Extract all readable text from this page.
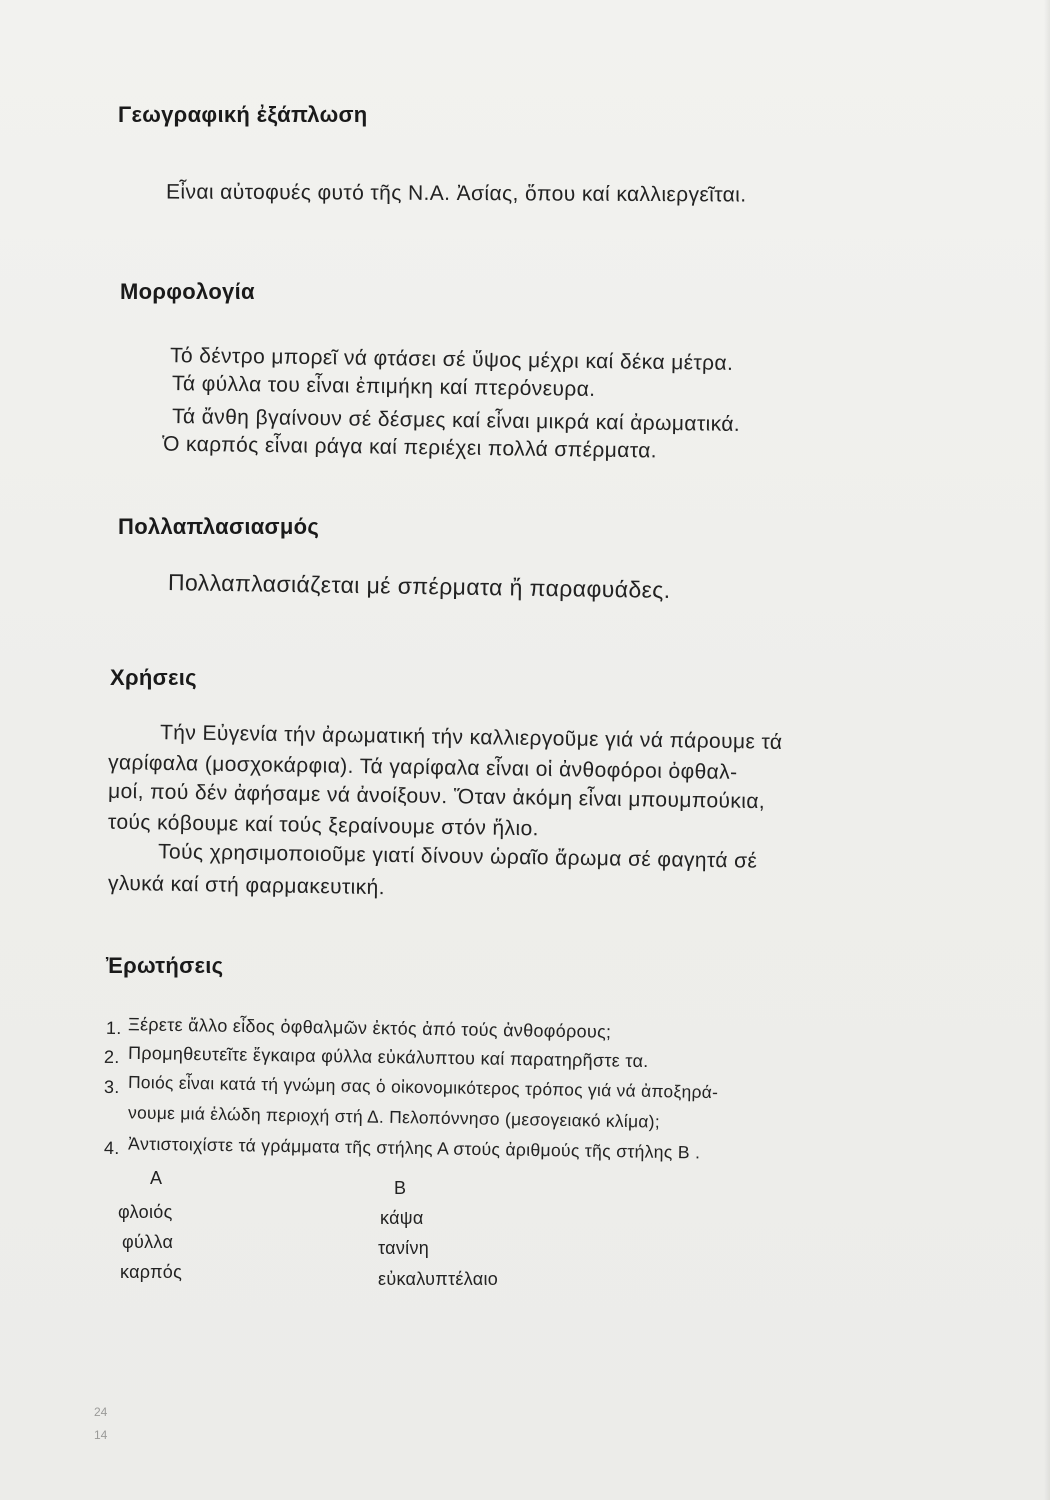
Γεωγραφική ἐξάπλωση
Εἶναι αὐτοφυές φυτό τῆς Ν.Α. Ἀσίας, ὅπου καί καλλιεργεῖται.
Μορφολογία
Τό δέντρο μπορεῖ νά φτάσει σέ ὕψος μέχρι καί δέκα μέτρα.
Τά φύλλα του εἶναι ἐπιμήκη καί πτερόνευρα.
Τά ἄνθη βγαίνουν σέ δέσμες καί εἶναι μικρά καί ἀρωματικά.
Ὁ καρπός εἶναι ράγα καί περιέχει πολλά σπέρματα.
Πολλαπλασιασμός
Πολλαπλασιάζεται μέ σπέρματα ἤ παραφυάδες.
Χρήσεις
Τήν Εὐγενία τήν ἀρωματική τήν καλλιεργοῦμε γιά νά πάρουμε τά
γαρίφαλα (μοσχοκάρφια). Τά γαρίφαλα εἶναι οἱ ἀνθοφόροι ὀφθαλ-
μοί, πού δέν ἀφήσαμε νά ἀνοίξουν. Ὅταν ἀκόμη εἶναι μπουμπούκια,
τούς κόβουμε καί τούς ξεραίνουμε στόν ἥλιο.
Τούς χρησιμοποιοῦμε γιατί δίνουν ὡραῖο ἄρωμα σέ φαγητά σέ
γλυκά καί στή φαρμακευτική.
Ἐρωτήσεις
1. Ξέρετε ἄλλο εἶδος ὀφθαλμῶν ἐκτός ἀπό τούς ἀνθοφόρους;
2. Προμηθευτεῖτε ἔγκαιρα φύλλα εὐκάλυπτου καί παρατηρῆστε τα.
3. Ποιός εἶναι κατά τή γνώμη σας ὁ οἰκονομικότερος τρόπος γιά νά ἀποξηρά-
νουμε μιά ἑλώδη περιοχή στή Δ. Πελοπόννησο (μεσογειακό κλίμα);
4. Ἀντιστοιχίστε τά γράμματα τῆς στήλης Α στούς ἀριθμούς τῆς στήλης Β .
Α	Β
φλοιός
φύλλα
καρπός
κάψα
τανίνη
εὐκαλυπτέλαιο
24
14
